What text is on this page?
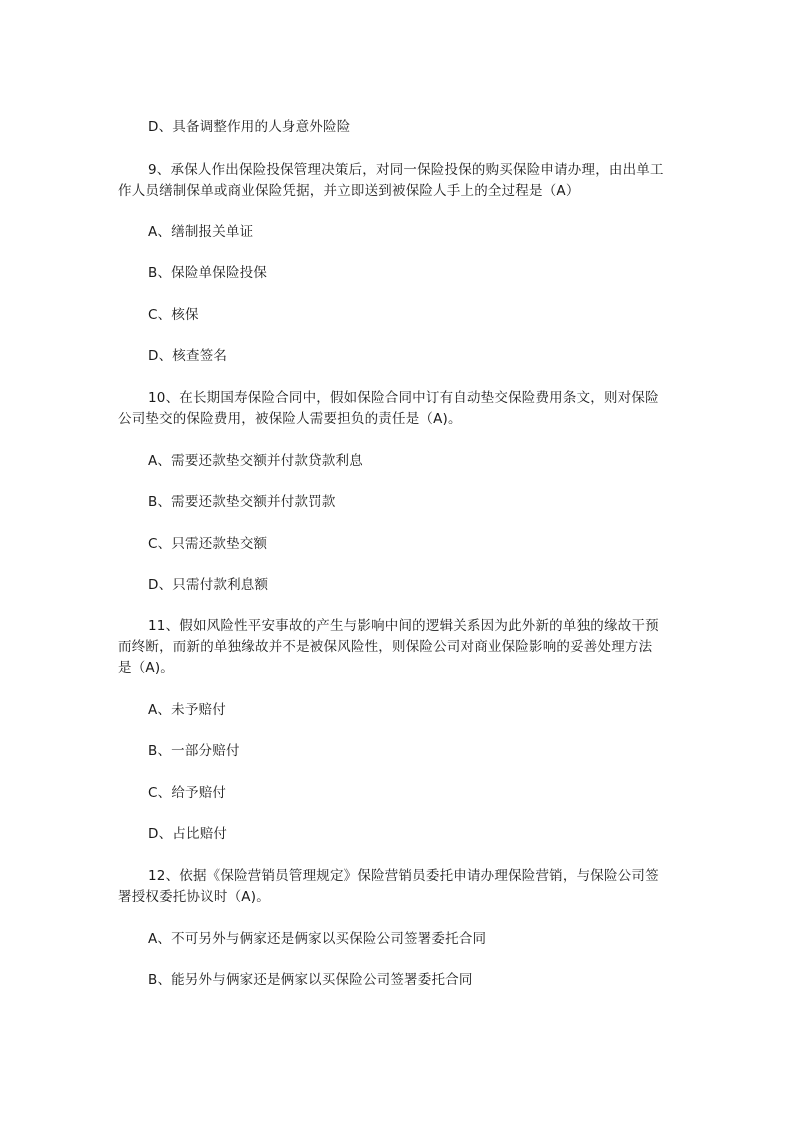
D、具备调整作用的人身意外险险
9、承保人作出保险投保管理决策后，对同一保险投保的购买保险申请办理，由出单工
作人员缮制保单或商业保险凭据，并立即送到被保险人手上的全过程是（A）
A、缮制报关单证
B、保险单保险投保
C、核保
D、核查签名
10、在长期国寿保险合同中，假如保险合同中订有自动垫交保险费用条文，则对保险
公司垫交的保险费用，被保险人需要担负的责任是（A)。
A、需要还款垫交额并付款贷款利息
B、需要还款垫交额并付款罚款
C、只需还款垫交额
D、只需付款利息额
11、假如风险性平安事故的产生与影响中间的逻辑关系因为此外新的单独的缘故干预
而终断，而新的单独缘故并不是被保风险性，则保险公司对商业保险影响的妥善处理方法
是（A)。
A、未予赔付
B、一部分赔付
C、给予赔付
D、占比赔付
12、依据《保险营销员管理规定》保险营销员委托申请办理保险营销，与保险公司签
署授权委托协议时（A)。
A、不可另外与俩家还是俩家以买保险公司签署委托合同
B、能另外与俩家还是俩家以买保险公司签署委托合同
